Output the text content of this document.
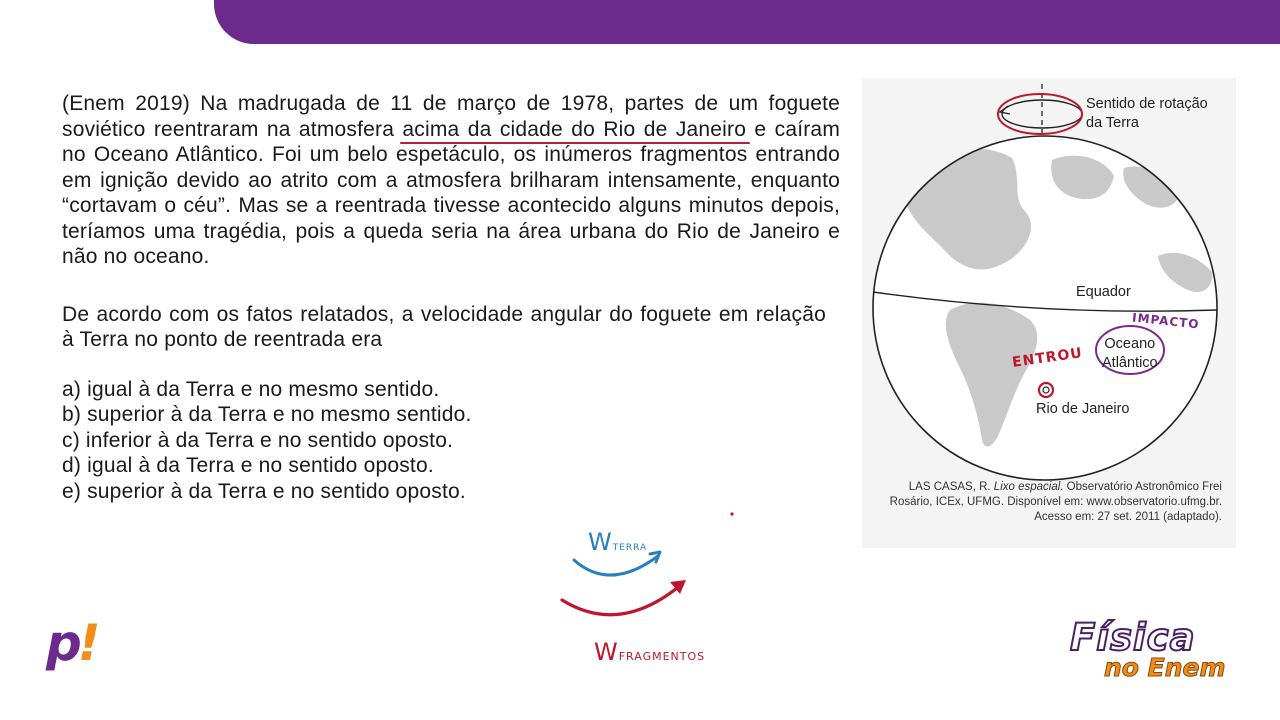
(Enem 2019) Na madrugada de 11 de março de 1978, partes de um foguete soviético reentraram na atmosfera acima da cidade do Rio de Janeiro e caíram no Oceano Atlântico. Foi um belo espetáculo, os inúmeros fragmentos entrando em ignição devido ao atrito com a atmosfera brilharam intensamente, enquanto “cortavam o céu”. Mas se a reentrada tivesse acontecido alguns minutos depois, teríamos uma tragédia, pois a queda seria na área urbana do Rio de Janeiro e não no oceano.

De acordo com os fatos relatados, a velocidade angular do foguete em relação à Terra no ponto de reentrada era

a) igual à da Terra e no mesmo sentido.
b) superior à da Terra e no mesmo sentido.
c) inferior à da Terra e no sentido oposto.
d) igual à da Terra e no sentido oposto.
e) superior à da Terra e no sentido oposto.
Sentido de rotação
da Terra
Equador
Oceano
Atlântico
Rio de Janeiro
ENTROU
IMPACTO
LAS CASAS, R. Lixo espacial. Observatório Astronômico Frei Rosário, ICEx, UFMG. Disponível em: www.observatorio.ufmg.br. Acesso em: 27 set. 2011 (adaptado).
WTERRA
WFRAGMENTOS
p!	Física
no Enem
